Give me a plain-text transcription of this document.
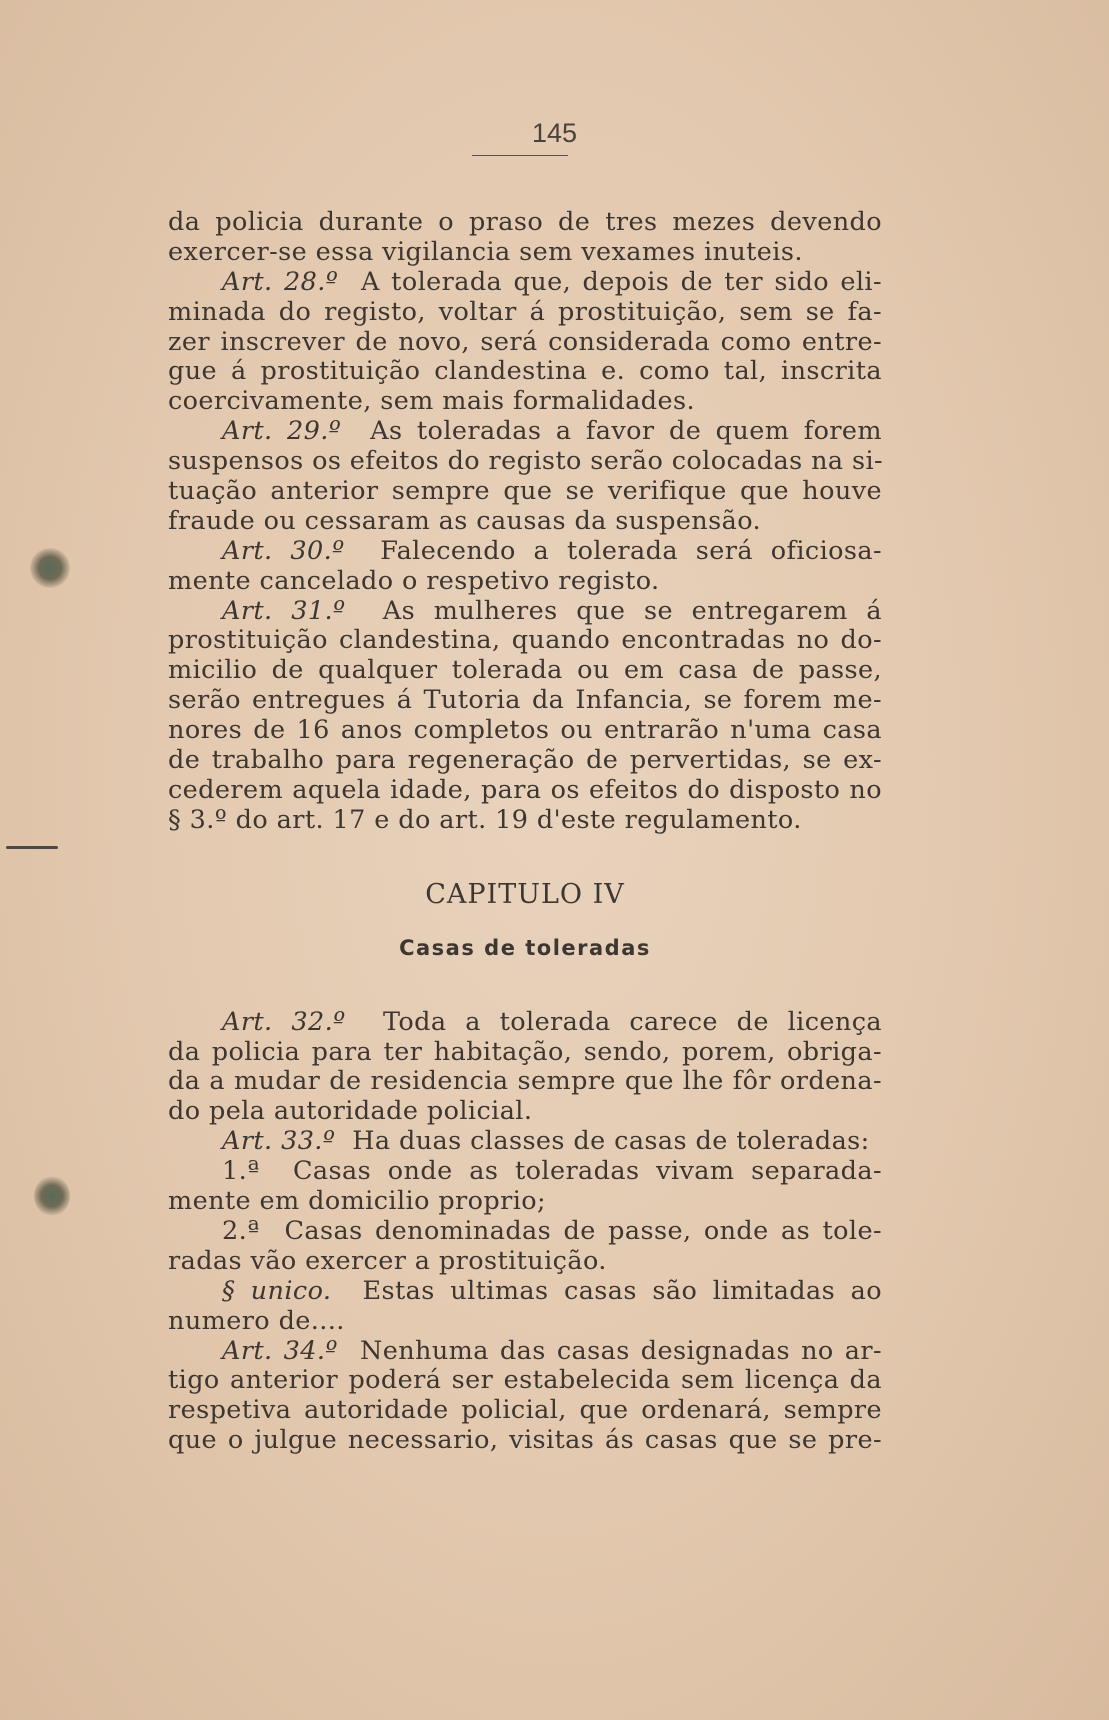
145
da policia durante o praso de tres mezes devendo
exercer-se essa vigilancia sem vexames inuteis.
Art. 28.º A tolerada que, depois de ter sido eli-
minada do registo, voltar á prostituição, sem se fa-
zer inscrever de novo, será considerada como entre-
gue á prostituição clandestina e. como tal, inscrita
coercivamente, sem mais formalidades.
Art. 29.º As toleradas a favor de quem forem
suspensos os efeitos do registo serão colocadas na si-
tuação anterior sempre que se verifique que houve
fraude ou cessaram as causas da suspensão.
Art. 30.º Falecendo a tolerada será oficiosa-
mente cancelado o respetivo registo.
Art. 31.º As mulheres que se entregarem á
prostituição clandestina, quando encontradas no do-
micilio de qualquer tolerada ou em casa de passe,
serão entregues á Tutoria da Infancia, se forem me-
nores de 16 anos completos ou entrarão n'uma casa
de trabalho para regeneração de pervertidas, se ex-
cederem aquela idade, para os efeitos do disposto no
§ 3.º do art. 17 e do art. 19 d'este regulamento.
CAPITULO IV
Casas de toleradas
Art. 32.º Toda a tolerada carece de licença
da policia para ter habitação, sendo, porem, obriga-
da a mudar de residencia sempre que lhe fôr ordena-
do pela autoridade policial.
Art. 33.º Ha duas classes de casas de toleradas:
1.ª Casas onde as toleradas vivam separada-
mente em domicilio proprio;
2.ª Casas denominadas de passe, onde as tole-
radas vão exercer a prostituição.
§ unico. Estas ultimas casas são limitadas ao
numero de....
Art. 34.º Nenhuma das casas designadas no ar-
tigo anterior poderá ser estabelecida sem licença da
respetiva autoridade policial, que ordenará, sempre
que o julgue necessario, visitas ás casas que se pre-
